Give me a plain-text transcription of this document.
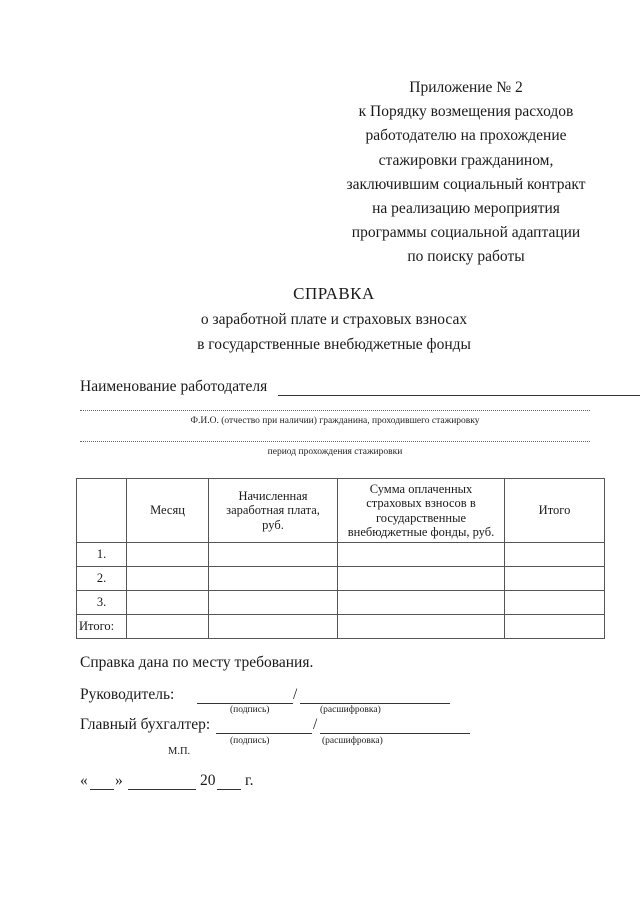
Приложение № 2
к Порядку возмещения расходов
работодателю на прохождение
стажировки гражданином,
заключившим социальный контракт
на реализацию мероприятия
программы социальной адаптации
по поиску работы
СПРАВКА
о заработной плате и страховых взносах
в государственные внебюджетные фонды
Наименование работодателя
Ф.И.О. (отчество при наличии) гражданина, проходившего стажировку
период прохождения стажировки
	Месяц	Начисленная заработная плата, руб.	Сумма оплаченных страховых взносов в государственные внебюджетные фонды, руб.	Итого
1.				
2.				
3.				
Итого:				
Справка дана по месту требования.
Руководитель:	/
(подпись)	(расшифровка)
Главный бухгалтер:	/
(подпись)	(расшифровка)
М.П.
« »	20 г.
